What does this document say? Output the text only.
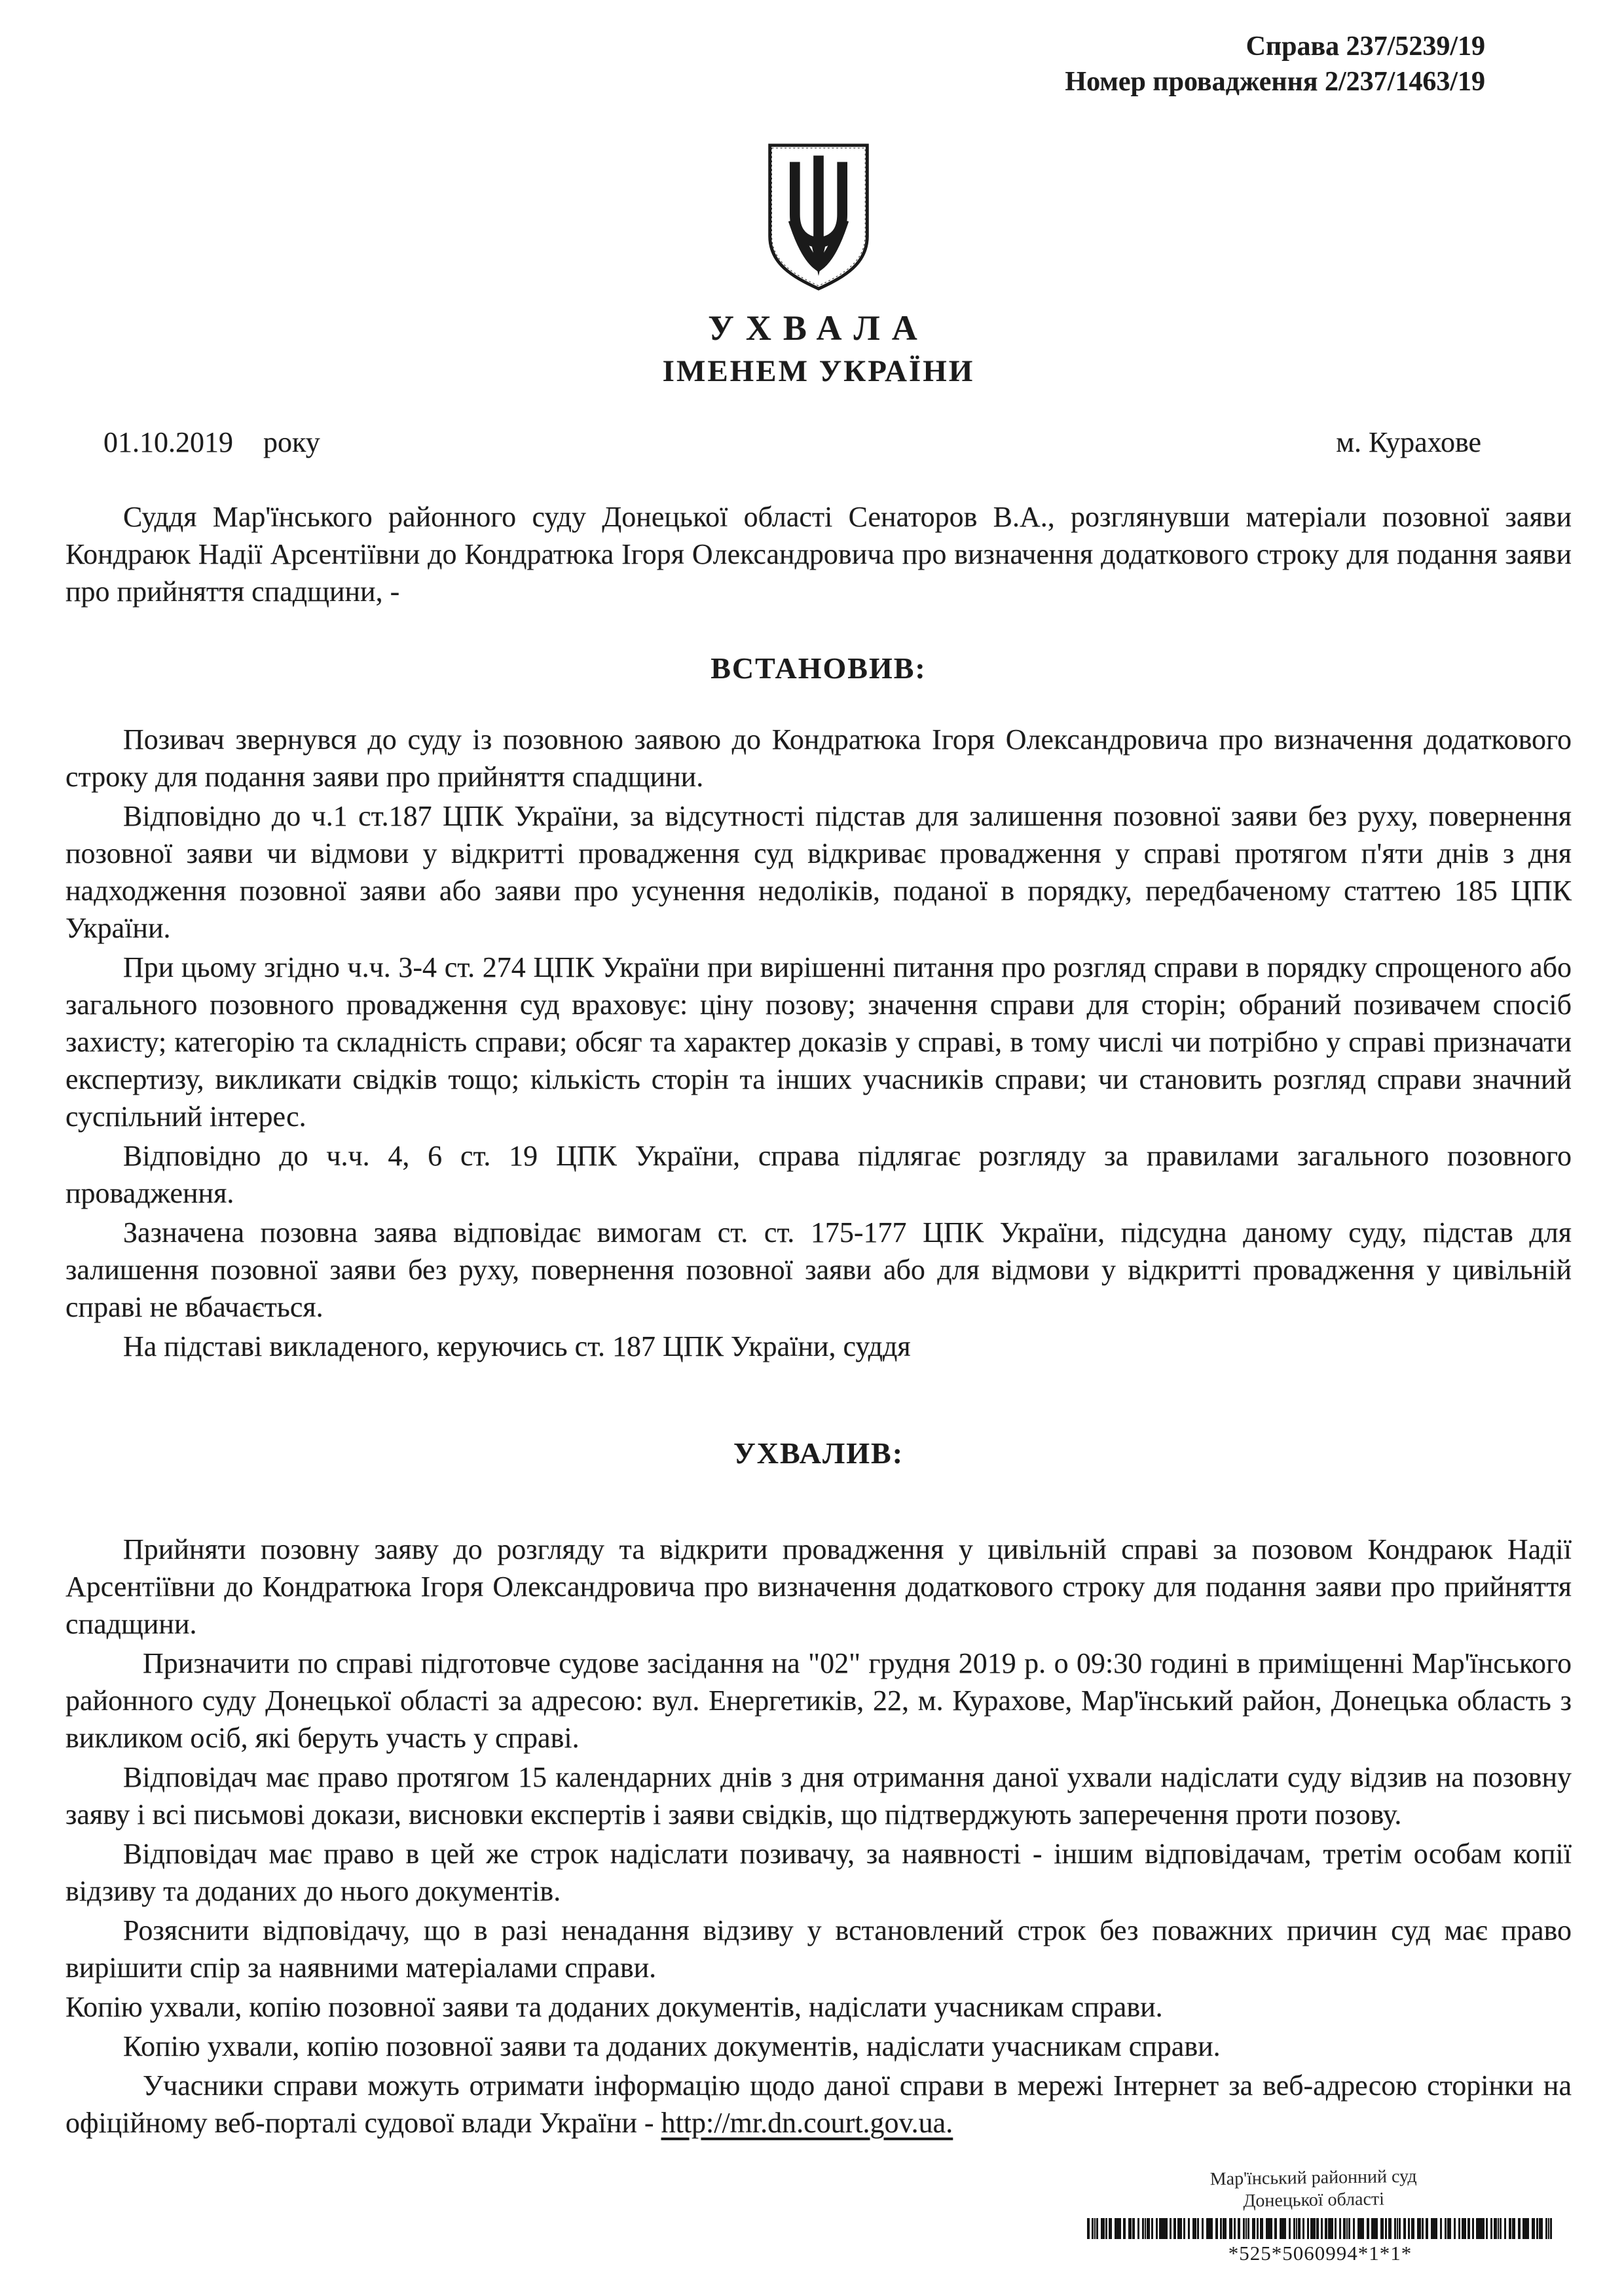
Справа 237/5239/19
Номер провадження 2/237/1463/19
УХВАЛА
ІМЕНЕМ УКРАЇНИ
01.10.2019 року	м. Курахове

Суддя Мар'їнського районного суду Донецької області Сенаторов В.А., розглянувши матеріали позовної заяви Кондраюк Надії Арсентіївни до Кондратюка Ігоря Олександровича про визначення додаткового строку для подання заяви про прийняття спадщини, -

ВСТАНОВИВ:

Позивач звернувся до суду із позовною заявою до Кондратюка Ігоря Олександровича про визначення додаткового строку для подання заяви про прийняття спадщини.

Відповідно до ч.1 ст.187 ЦПК України, за відсутності підстав для залишення позовної заяви без руху, повернення позовної заяви чи відмови у відкритті провадження суд відкриває провадження у справі протягом п'яти днів з дня надходження позовної заяви або заяви про усунення недоліків, поданої в порядку, передбаченому статтею 185 ЦПК України.

При цьому згідно ч.ч. 3-4 ст. 274 ЦПК України при вирішенні питання про розгляд справи в порядку спрощеного або загального позовного провадження суд враховує: ціну позову; значення справи для сторін; обраний позивачем спосіб захисту; категорію та складність справи; обсяг та характер доказів у справі, в тому числі чи потрібно у справі призначати експертизу, викликати свідків тощо; кількість сторін та інших учасників справи; чи становить розгляд справи значний суспільний інтерес.

Відповідно до ч.ч. 4, 6 ст. 19 ЦПК України, справа підлягає розгляду за правилами загального позовного провадження.

Зазначена позовна заява відповідає вимогам ст. ст. 175-177 ЦПК України, підсудна даному суду, підстав для залишення позовної заяви без руху, повернення позовної заяви або для відмови у відкритті провадження у цивільній справі не вбачається.

На підставі викладеного, керуючись ст. 187 ЦПК України, суддя

УХВАЛИВ:

Прийняти позовну заяву до розгляду та відкрити провадження у цивільній справі за позовом Кондраюк Надії Арсентіївни до Кондратюка Ігоря Олександровича про визначення додаткового строку для подання заяви про прийняття спадщини.

Призначити по справі підготовче судове засідання на "02" грудня 2019 р. о 09:30 годині в приміщенні Мар'їнського районного суду Донецької області за адресою: вул. Енергетиків, 22, м. Курахове, Мар'їнський район, Донецька область з викликом осіб, які беруть участь у справі.

Відповідач має право протягом 15 календарних днів з дня отримання даної ухвали надіслати суду відзив на позовну заяву і всі письмові докази, висновки експертів і заяви свідків, що підтверджують заперечення проти позову.

Відповідач має право в цей же строк надіслати позивачу, за наявності - іншим відповідачам, третім особам копії відзиву та доданих до нього документів.

Розяснити відповідачу, що в разі ненадання відзиву у встановлений строк без поважних причин суд має право вирішити спір за наявними матеріалами справи.

Копію ухвали, копію позовної заяви та доданих документів, надіслати учасникам справи.

Копію ухвали, копію позовної заяви та доданих документів, надіслати учасникам справи.

Учасники справи можуть отримати інформацію щодо даної справи в мережі Інтернет за веб-адресою сторінки на офіційному веб-порталі судової влади України - http://mr.dn.court.gov.ua.

Мар'їнський районний суд
Донецької області
*525*5060994*1*1*
